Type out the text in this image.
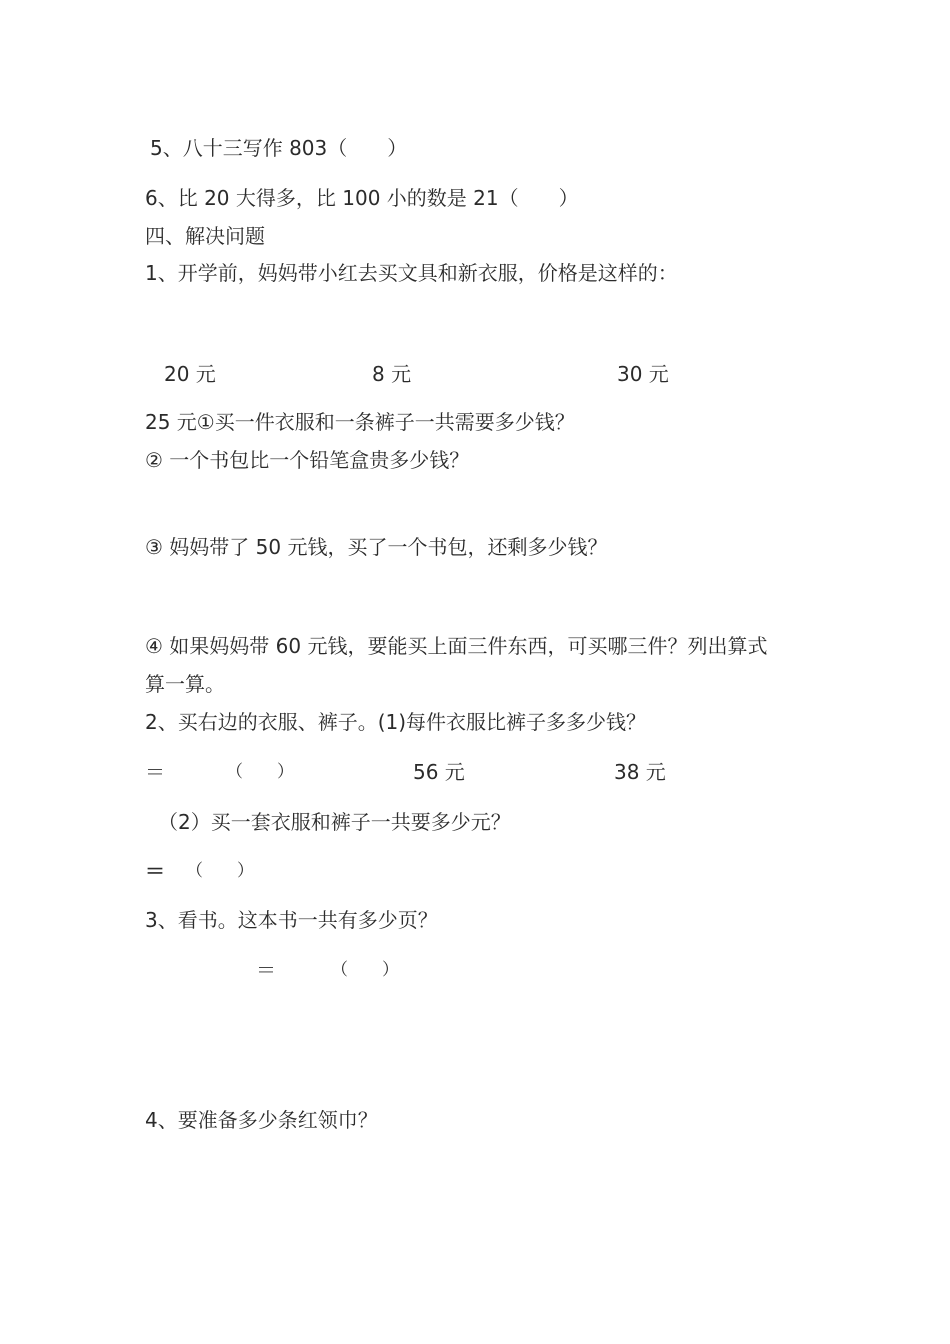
5、八十三写作 803（　　）
6、比 20 大得多，比 100 小的数是 21（　　）
四、解决问题
1、开学前，妈妈带小红去买文具和新衣服，价格是这样的：
20 元	8 元	30 元
25 元①买一件衣服和一条裤子一共需要多少钱？
② 一个书包比一个铅笔盒贵多少钱？
③ 妈妈带了 50 元钱，买了一个书包，还剩多少钱？
④ 如果妈妈带 60 元钱，要能买上面三件东西，可买哪三件？列出算式
算一算。
2、买右边的衣服、裤子。(1)每件衣服比裤子多多少钱？
＝	（　　）	56 元	38 元
（2）买一套衣服和裤子一共要多少元？
＝ （　　）
3、看书。这本书一共有多少页？
＝	（　　）
4、要准备多少条红领巾？
